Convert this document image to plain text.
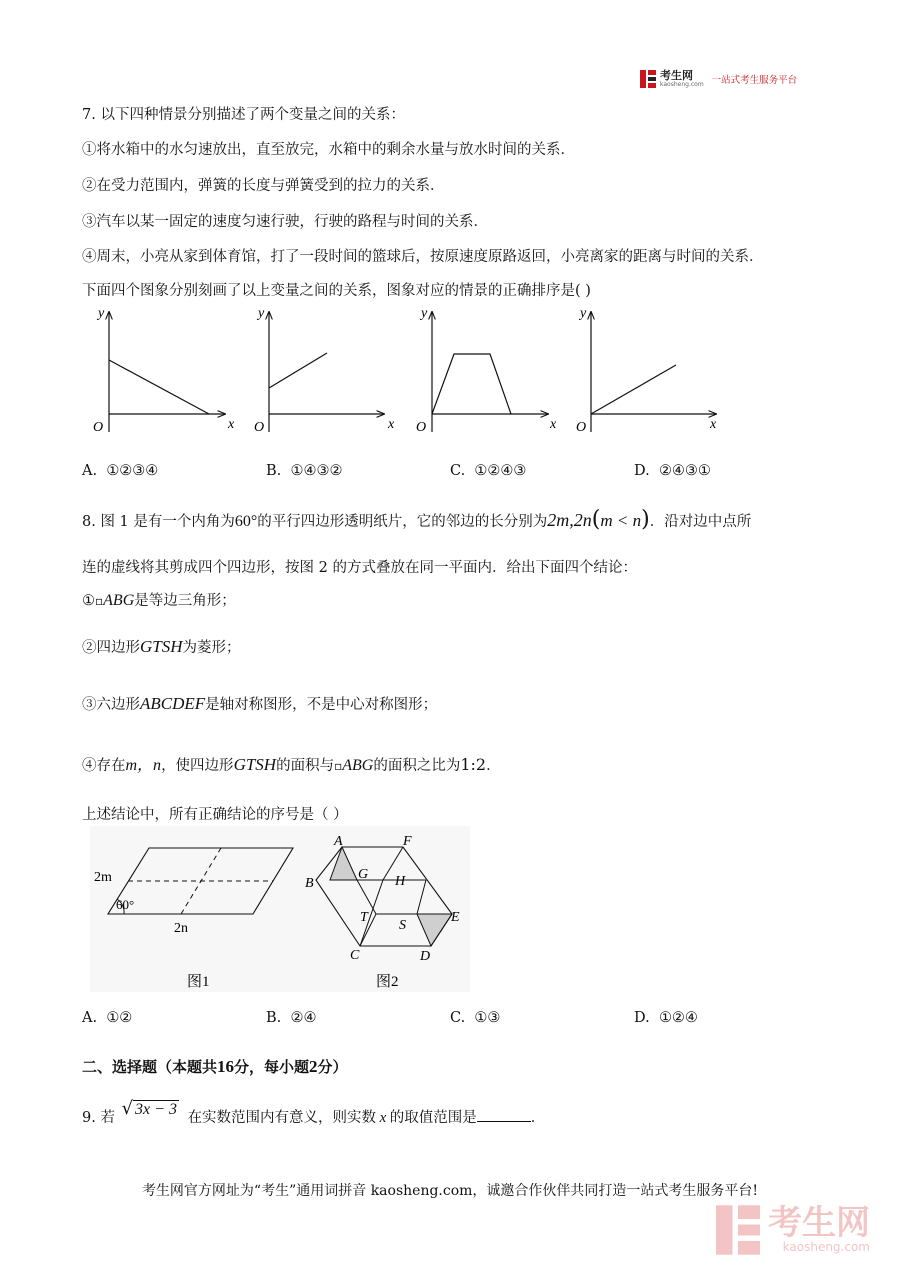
考生网
kaosheng.com 一站式考生服务平台
7. 以下四种情景分别描述了两个变量之间的关系：
①将水箱中的水匀速放出，直至放完，水箱中的剩余水量与放水时间的关系．
②在受力范围内，弹簧的长度与弹簧受到的拉力的关系．
③汽车以某一固定的速度匀速行驶，行驶的路程与时间的关系．
④周末，小亮从家到体育馆，打了一段时间的篮球后，按原速度原路返回，小亮离家的距离与时间的关系．
下面四个图象分别刻画了以上变量之间的关系，图象对应的情景的正确排序是( )
y
x
O
y
x
O
y
x
O
y
x
O
A. ①②③④	B. ①④③②	C. ①②④③	D. ②④③①
8. 图 1 是有一个内角为60°的平行四边形透明纸片，它的邻边的长分别为2m,2n(m < n)．沿对边中点所
连的虚线将其剪成四个四边形，按图 2 的方式叠放在同一平面内．给出下面四个结论：
①▫ABG是等边三角形；
②四边形GTSH为菱形；
③六边形ABCDEF是轴对称图形，不是中心对称图形；
④存在m，n，使四边形GTSH的面积与▫ABG的面积之比为1:2．
上述结论中，所有正确结论的序号是（ ）
2m
2n
60°
图1
A	F
G H
B
T
S
E
C	D
图2
A. ①②	B. ②④	C. ①③	D. ①②④
二、选择题（本题共16分，每小题2分）
9. 若 √ 3x − 3 在实数范围内有意义，则实数 x 的取值范围是	．
考生网官方网址为“考生”通用词拼音 kaosheng.com，诚邀合作伙伴共同打造一站式考生服务平台!
考生网
kaosheng.com
